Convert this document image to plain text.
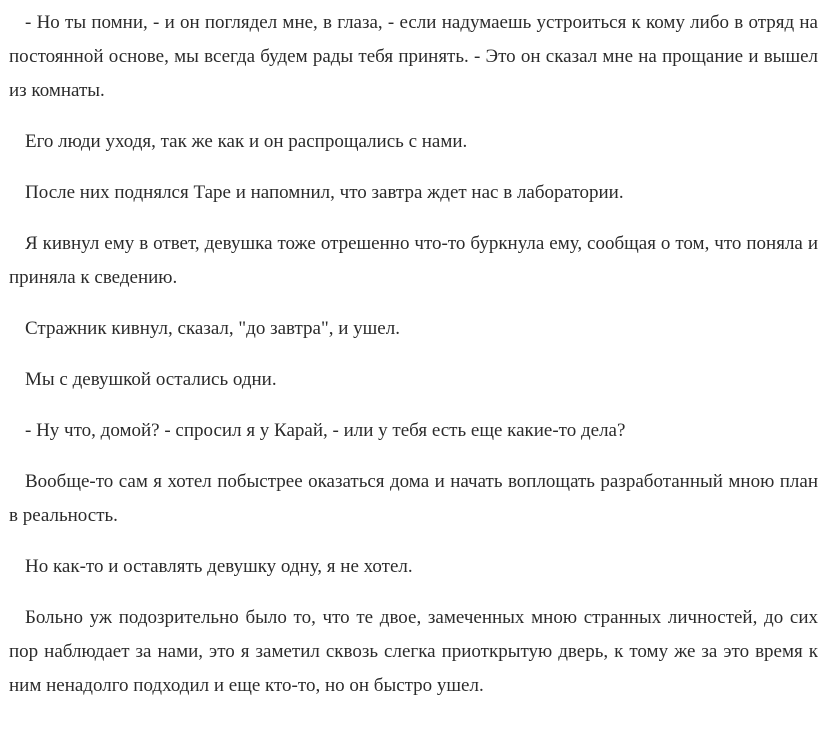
- Но ты помни, - и он поглядел мне, в глаза, - если надумаешь устроиться к кому либо в отряд на постоянной основе, мы всегда будем рады тебя принять. - Это он сказал мне на прощание и вышел из комнаты.

Его люди уходя, так же как и он распрощались с нами.

После них поднялся Таре и напомнил, что завтра ждет нас в лаборатории.

Я кивнул ему в ответ, девушка тоже отрешенно что-то буркнула ему, сообщая о том, что поняла и приняла к сведению.

Стражник кивнул, сказал, "до завтра", и ушел.

Мы с девушкой остались одни.

- Ну что, домой? - спросил я у Карай, - или у тебя есть еще какие-то дела?

Вообще-то сам я хотел побыстрее оказаться дома и начать воплощать разработанный мною план в реальность.

Но как-то и оставлять девушку одну, я не хотел.

Больно уж подозрительно было то, что те двое, замеченных мною странных личностей, до сих пор наблюдает за нами, это я заметил сквозь слегка приоткрытую дверь, к тому же за это время к ним ненадолго подходил и еще кто-то, но он быстро ушел.
